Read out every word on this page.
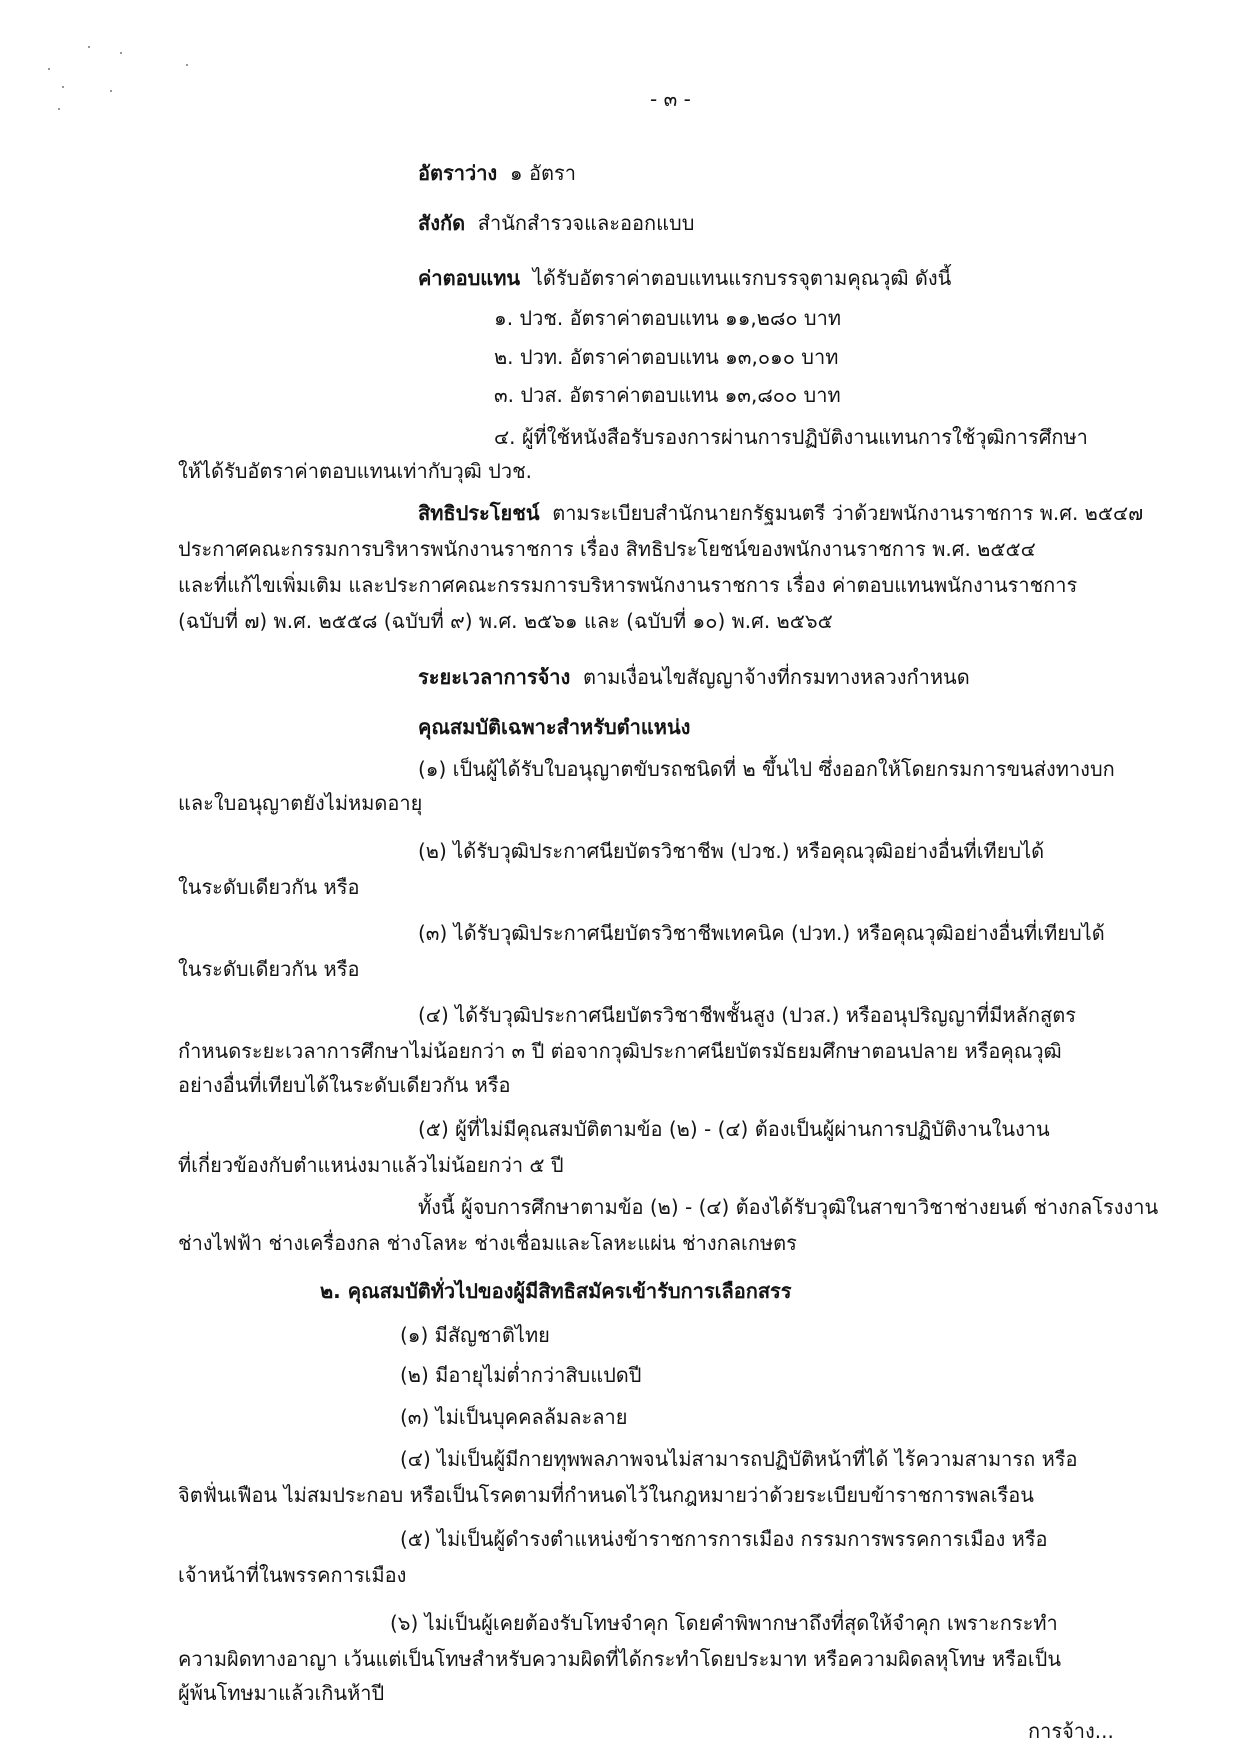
- ๓ -
อัตราว่าง ๑ อัตรา
สังกัด สำนักสำรวจและออกแบบ
ค่าตอบแทน ได้รับอัตราค่าตอบแทนแรกบรรจุตามคุณวุฒิ ดังนี้
๑. ปวช. อัตราค่าตอบแทน ๑๑,๒๘๐ บาท
๒. ปวท. อัตราค่าตอบแทน ๑๓,๐๑๐ บาท
๓. ปวส. อัตราค่าตอบแทน ๑๓,๘๐๐ บาท
๔. ผู้ที่ใช้หนังสือรับรองการผ่านการปฏิบัติงานแทนการใช้วุฒิการศึกษา
ให้ได้รับอัตราค่าตอบแทนเท่ากับวุฒิ ปวช.
สิทธิประโยชน์ ตามระเบียบสำนักนายกรัฐมนตรี ว่าด้วยพนักงานราชการ พ.ศ. ๒๕๔๗
ประกาศคณะกรรมการบริหารพนักงานราชการ เรื่อง สิทธิประโยชน์ของพนักงานราชการ พ.ศ. ๒๕๕๔
และที่แก้ไขเพิ่มเติม และประกาศคณะกรรมการบริหารพนักงานราชการ เรื่อง ค่าตอบแทนพนักงานราชการ
(ฉบับที่ ๗) พ.ศ. ๒๕๕๘ (ฉบับที่ ๙) พ.ศ. ๒๕๖๑ และ (ฉบับที่ ๑๐) พ.ศ. ๒๕๖๕
ระยะเวลาการจ้าง ตามเงื่อนไขสัญญาจ้างที่กรมทางหลวงกำหนด
คุณสมบัติเฉพาะสำหรับตำแหน่ง
(๑) เป็นผู้ได้รับใบอนุญาตขับรถชนิดที่ ๒ ขึ้นไป ซึ่งออกให้โดยกรมการขนส่งทางบก
และใบอนุญาตยังไม่หมดอายุ
(๒) ได้รับวุฒิประกาศนียบัตรวิชาชีพ (ปวช.) หรือคุณวุฒิอย่างอื่นที่เทียบได้
ในระดับเดียวกัน หรือ
(๓) ได้รับวุฒิประกาศนียบัตรวิชาชีพเทคนิค (ปวท.) หรือคุณวุฒิอย่างอื่นที่เทียบได้
ในระดับเดียวกัน หรือ
(๔) ได้รับวุฒิประกาศนียบัตรวิชาชีพชั้นสูง (ปวส.) หรืออนุปริญญาที่มีหลักสูตร
กำหนดระยะเวลาการศึกษาไม่น้อยกว่า ๓ ปี ต่อจากวุฒิประกาศนียบัตรมัธยมศึกษาตอนปลาย หรือคุณวุฒิ
อย่างอื่นที่เทียบได้ในระดับเดียวกัน หรือ
(๕) ผู้ที่ไม่มีคุณสมบัติตามข้อ (๒) - (๔) ต้องเป็นผู้ผ่านการปฏิบัติงานในงาน
ที่เกี่ยวข้องกับตำแหน่งมาแล้วไม่น้อยกว่า ๕ ปี
ทั้งนี้ ผู้จบการศึกษาตามข้อ (๒) - (๔) ต้องได้รับวุฒิในสาขาวิชาช่างยนต์ ช่างกลโรงงาน
ช่างไฟฟ้า ช่างเครื่องกล ช่างโลหะ ช่างเชื่อมและโลหะแผ่น ช่างกลเกษตร
๒. คุณสมบัติทั่วไปของผู้มีสิทธิสมัครเข้ารับการเลือกสรร
(๑) มีสัญชาติไทย
(๒) มีอายุไม่ต่ำกว่าสิบแปดปี
(๓) ไม่เป็นบุคคลล้มละลาย
(๔) ไม่เป็นผู้มีกายทุพพลภาพจนไม่สามารถปฏิบัติหน้าที่ได้ ไร้ความสามารถ หรือ
จิตฟั่นเฟือน ไม่สมประกอบ หรือเป็นโรคตามที่กำหนดไว้ในกฎหมายว่าด้วยระเบียบข้าราชการพลเรือน
(๕) ไม่เป็นผู้ดำรงตำแหน่งข้าราชการการเมือง กรรมการพรรคการเมือง หรือ
เจ้าหน้าที่ในพรรคการเมือง
(๖) ไม่เป็นผู้เคยต้องรับโทษจำคุก โดยคำพิพากษาถึงที่สุดให้จำคุก เพราะกระทำ
ความผิดทางอาญา เว้นแต่เป็นโทษสำหรับความผิดที่ได้กระทำโดยประมาท หรือความผิดลหุโทษ หรือเป็น
ผู้พ้นโทษมาแล้วเกินห้าปี
การจ้าง...
